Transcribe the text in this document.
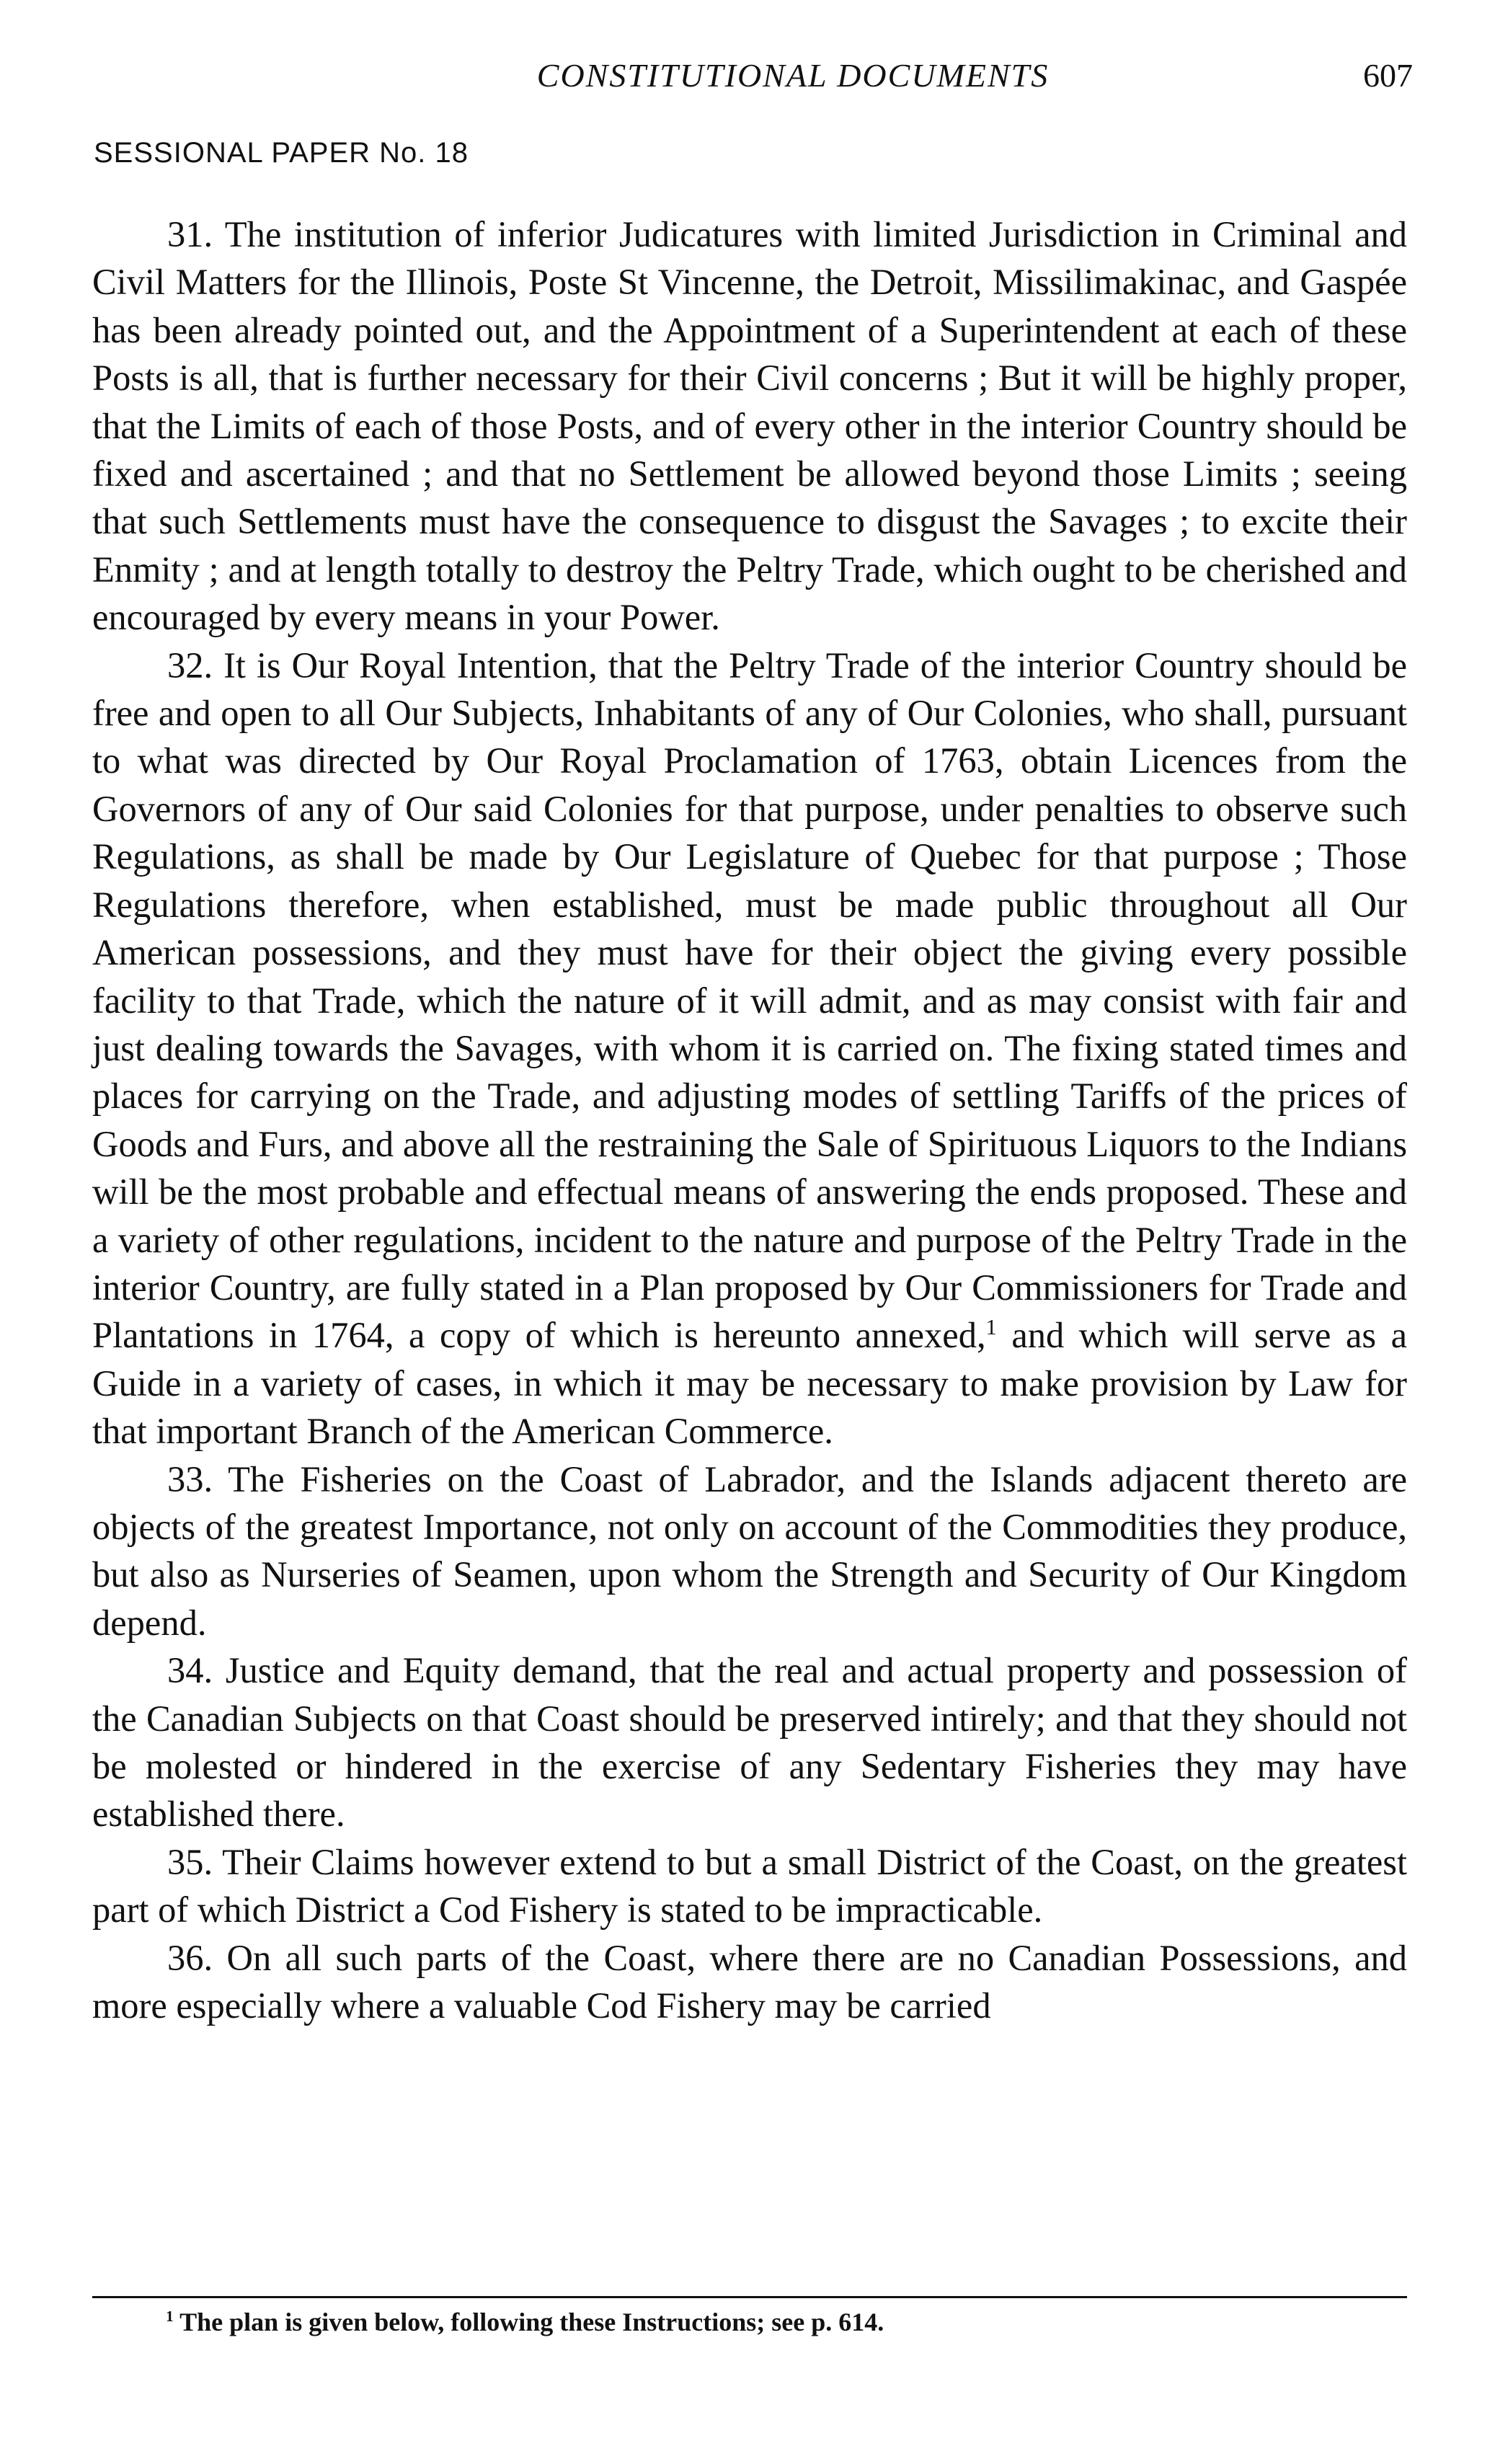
CONSTITUTIONAL DOCUMENTS	607
SESSIONAL PAPER No. 18

31. The institution of inferior Judicatures with limited Jurisdiction in Criminal and Civil Matters for the Illinois, Poste St Vincenne, the Detroit, Missilimakinac, and Gaspée has been already pointed out, and the Appointment of a Superintendent at each of these Posts is all, that is further necessary for their Civil concerns ; But it will be highly proper, that the Limits of each of those Posts, and of every other in the interior Country should be fixed and ascertained ; and that no Settlement be allowed beyond those Limits ; seeing that such Settlements must have the consequence to disgust the Savages ; to excite their Enmity ; and at length totally to destroy the Peltry Trade, which ought to be cherished and encouraged by every means in your Power.

32. It is Our Royal Intention, that the Peltry Trade of the interior Country should be free and open to all Our Subjects, Inhabitants of any of Our Colonies, who shall, pursuant to what was directed by Our Royal Proclamation of 1763, obtain Licences from the Governors of any of Our said Colonies for that purpose, under penalties to observe such Regulations, as shall be made by Our Legislature of Quebec for that purpose ; Those Regulations therefore, when established, must be made public throughout all Our American possessions, and they must have for their object the giving every possible facility to that Trade, which the nature of it will admit, and as may consist with fair and just dealing towards the Savages, with whom it is carried on. The fixing stated times and places for carrying on the Trade, and adjusting modes of settling Tariffs of the prices of Goods and Furs, and above all the restraining the Sale of Spirituous Liquors to the Indians will be the most probable and effectual means of answering the ends proposed. These and a variety of other regulations, incident to the nature and purpose of the Peltry Trade in the interior Country, are fully stated in a Plan proposed by Our Commissioners for Trade and Plantations in 1764, a copy of which is hereunto annexed,$^1$ and which will serve as a Guide in a variety of cases, in which it may be necessary to make provision by Law for that important Branch of the American Commerce.

33. The Fisheries on the Coast of Labrador, and the Islands adjacent thereto are objects of the greatest Importance, not only on account of the Commodities they produce, but also as Nurseries of Seamen, upon whom the Strength and Security of Our Kingdom depend.

34. Justice and Equity demand, that the real and actual property and possession of the Canadian Subjects on that Coast should be preserved intirely; and that they should not be molested or hindered in the exercise of any Sedentary Fisheries they may have established there.

35. Their Claims however extend to but a small District of the Coast, on the greatest part of which District a Cod Fishery is stated to be impracticable.

36. On all such parts of the Coast, where there are no Canadian Possessions, and more especially where a valuable Cod Fishery may be carried

$^1$ The plan is given below, following these Instructions; see p. 614.
